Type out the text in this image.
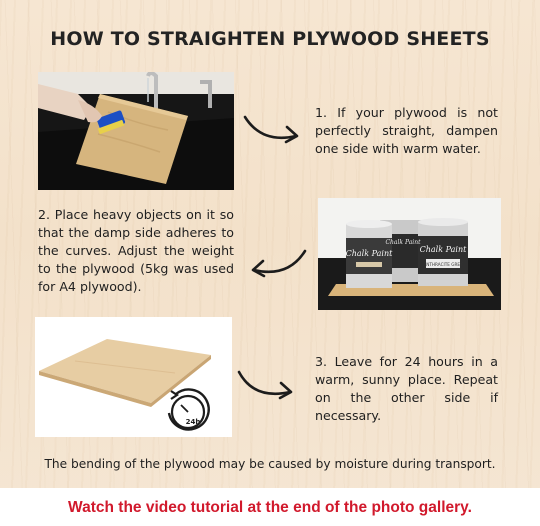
HOW TO STRAIGHTEN PLYWOOD SHEETS
1. If your plywood is not perfectly straight, dampen one side with warm water.
2. Place heavy objects on it so that the damp side adheres to the curves. Adjust the weight to the plywood (5kg was used for A4 plywood).
Chalk Paint	Chalk Paint
ANTHRACITE GREY
Chalk Paint
24h
3. Leave for 24 hours in a warm, sunny place. Repeat on the other side if necessary.
The bending of the plywood may be caused by moisture during transport.
Watch the video tutorial at the end of the photo gallery.
